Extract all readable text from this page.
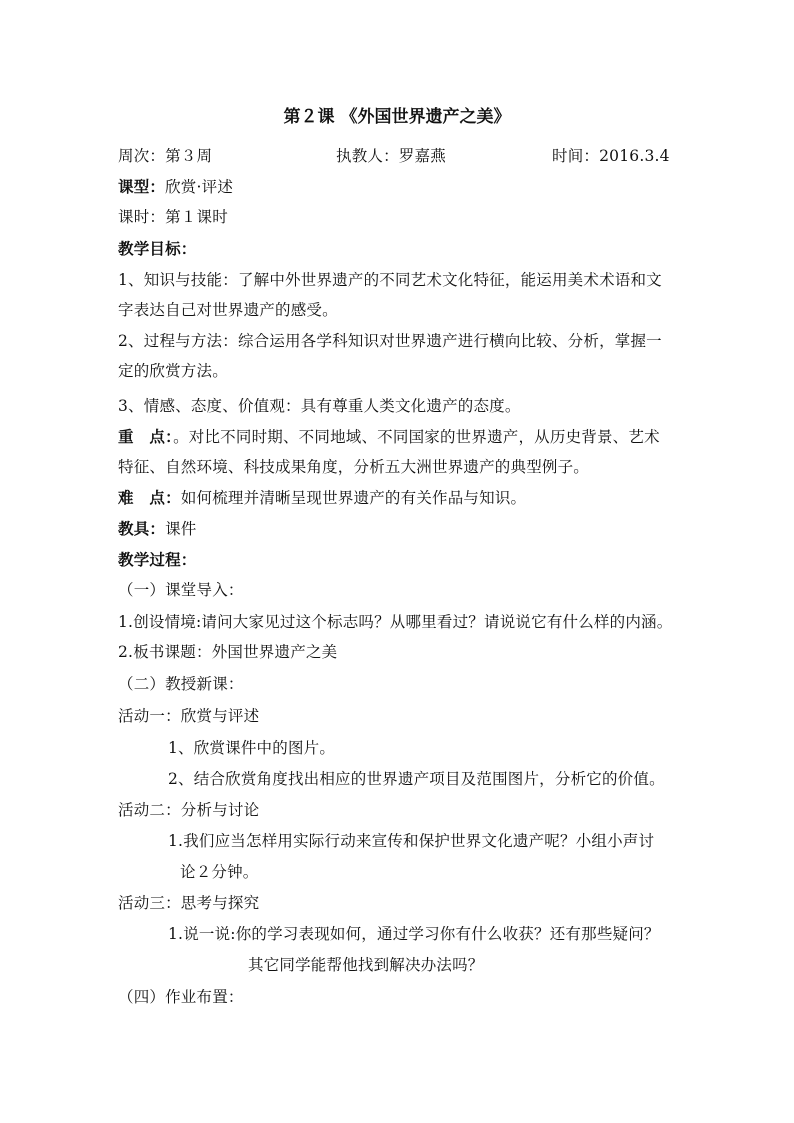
第２课 《外国世界遗产之美》
周次：第３周	执教人：罗嘉燕	时间：2016.3.4
课型：欣赏·评述
课时：第１课时
教学目标：
1、知识与技能：了解中外世界遗产的不同艺术文化特征，能运用美术术语和文
字表达自己对世界遗产的感受。
2、过程与方法：综合运用各学科知识对世界遗产进行横向比较、分析，掌握一
定的欣赏方法。
3、情感、态度、价值观：具有尊重人类文化遗产的态度。
重　点：。对比不同时期、不同地域、不同国家的世界遗产，从历史背景、艺术
特征、自然环境、科技成果角度，分析五大洲世界遗产的典型例子。
难　点：如何梳理并清晰呈现世界遗产的有关作品与知识。
教具：课件
教学过程：
（一）课堂导入：
1.创设情境:请问大家见过这个标志吗？从哪里看过？请说说它有什么样的内涵。
2.板书课题：外国世界遗产之美
（二）教授新课：
活动一：欣赏与评述
1、欣赏课件中的图片。
2、结合欣赏角度找出相应的世界遗产项目及范围图片，分析它的价值。
活动二：分析与讨论
1.我们应当怎样用实际行动来宣传和保护世界文化遗产呢？小组小声讨
论２分钟。
活动三：思考与探究
1.说一说:你的学习表现如何，通过学习你有什么收获？还有那些疑问？
其它同学能帮他找到解决办法吗？
（四）作业布置：
